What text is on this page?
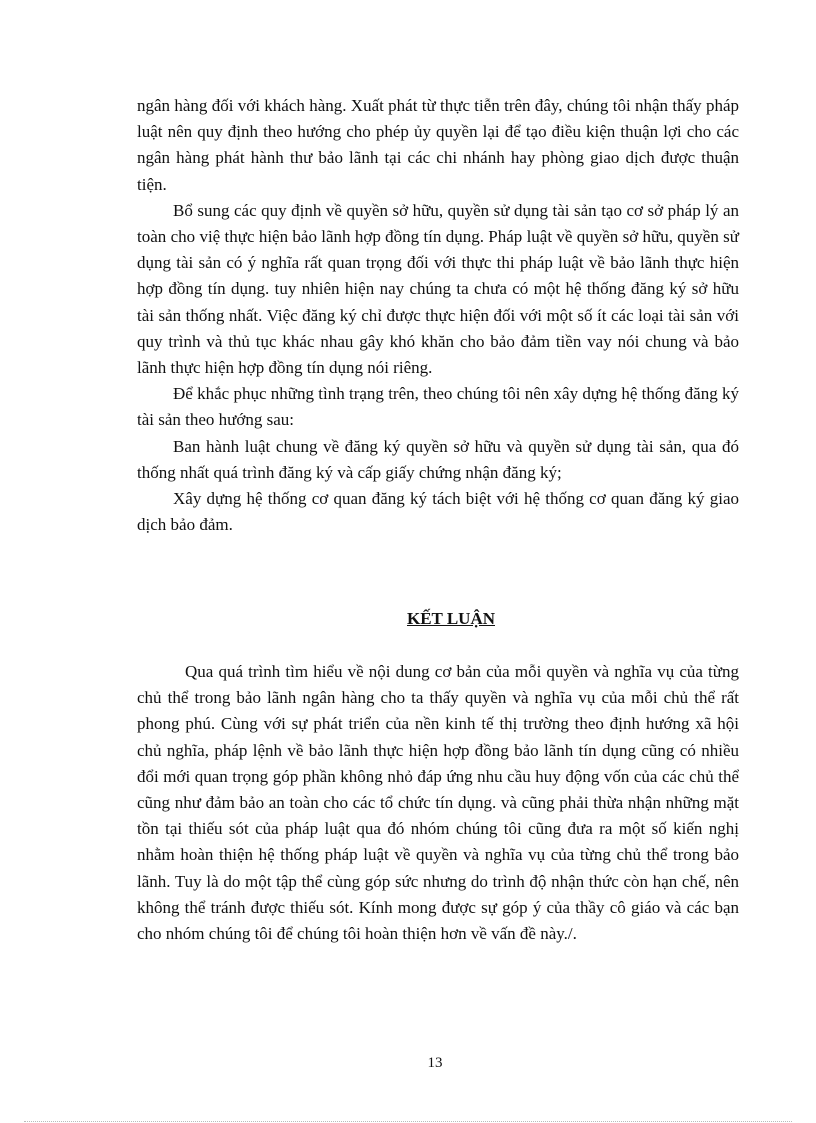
ngân hàng đối với khách hàng. Xuất phát từ thực tiễn trên đây, chúng tôi nhận thấy pháp luật nên quy định theo hướng cho phép ủy quyền lại để tạo điều kiện thuận lợi cho các ngân hàng phát hành thư bảo lãnh tại các chi nhánh hay phòng giao dịch được thuận tiện.

Bổ sung các quy định về quyền sở hữu, quyền sử dụng tài sản tạo cơ sở pháp lý an toàn cho việ thực hiện bảo lãnh hợp đồng tín dụng. Pháp luật về quyền sở hữu, quyền sử dụng tài sản có ý nghĩa rất quan trọng đối với thực thi pháp luật về bảo lãnh thực hiện hợp đồng tín dụng. tuy nhiên hiện nay chúng ta chưa có một hệ thống đăng ký sở hữu tài sản thống nhất. Việc đăng ký chỉ được thực hiện đối với một số ít các loại tài sản với quy trình và thủ tục khác nhau gây khó khăn cho bảo đảm tiền vay nói chung và bảo lãnh thực hiện hợp đồng tín dụng nói riêng.

Để khắc phục những tình trạng trên, theo chúng tôi nên xây dựng hệ thống đăng ký tài sản theo hướng sau:

Ban hành luật chung về đăng ký quyền sở hữu và quyền sử dụng tài sản, qua đó thống nhất quá trình đăng ký và cấp giấy chứng nhận đăng ký;

Xây dựng hệ thống cơ quan đăng ký tách biệt với hệ thống cơ quan đăng ký giao dịch bảo đảm.

KẾT LUẬN

Qua quá trình tìm hiểu về nội dung cơ bản của mỗi quyền và nghĩa vụ của từng chủ thể trong bảo lãnh ngân hàng cho ta thấy quyền và nghĩa vụ của mỗi chủ thể rất phong phú. Cùng với sự phát triển của nền kinh tế thị trường theo định hướng xã hội chủ nghĩa, pháp lệnh về bảo lãnh thực hiện hợp đồng bảo lãnh tín dụng cũng có nhiều đổi mới quan trọng góp phần không nhỏ đáp ứng nhu cầu huy động vốn của các chủ thể cũng như đảm bảo an toàn cho các tổ chức tín dụng. và cũng phải thừa nhận những mặt tồn tại thiếu sót của pháp luật qua đó nhóm chúng tôi cũng đưa ra một số kiến nghị nhằm hoàn thiện hệ thống pháp luật về quyền và nghĩa vụ của từng chủ thể trong bảo lãnh. Tuy là do một tập thể cùng góp sức nhưng do trình độ nhận thức còn hạn chế, nên không thể tránh được thiếu sót. Kính mong được sự góp ý của thầy cô giáo và các bạn cho nhóm chúng tôi để chúng tôi hoàn thiện hơn về vấn đề này./.

13
